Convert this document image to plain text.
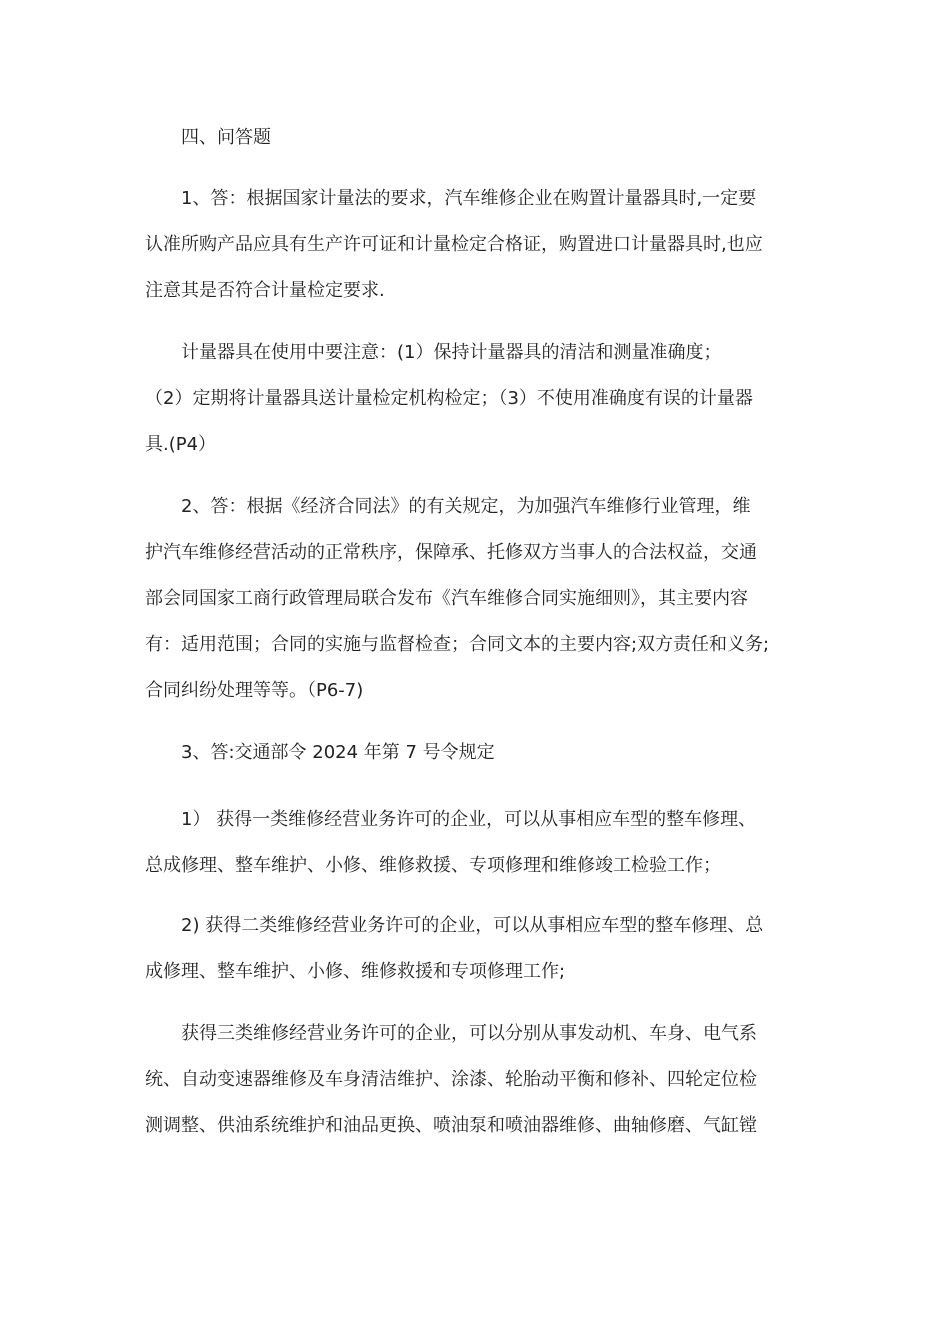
四、问答题
1、答：根据国家计量法的要求，汽车维修企业在购置计量器具时,一定要
认准所购产品应具有生产许可证和计量检定合格证，购置进口计量器具时,也应
注意其是否符合计量检定要求.
计量器具在使用中要注意：(1）保持计量器具的清洁和测量准确度；
（2）定期将计量器具送计量检定机构检定；（3）不使用准确度有误的计量器
具.(P4）
2、答：根据《经济合同法》的有关规定，为加强汽车维修行业管理，维
护汽车维修经营活动的正常秩序，保障承、托修双方当事人的合法权益，交通
部会同国家工商行政管理局联合发布《汽车维修合同实施细则》，其主要内容
有：适用范围；合同的实施与监督检查；合同文本的主要内容;双方责任和义务;
合同纠纷处理等等。（P6-7)
3、答:交通部令 2024 年第 7 号令规定
1） 获得一类维修经营业务许可的企业，可以从事相应车型的整车修理、
总成修理、整车维护、小修、维修救援、专项修理和维修竣工检验工作；
2) 获得二类维修经营业务许可的企业，可以从事相应车型的整车修理、总
成修理、整车维护、小修、维修救援和专项修理工作;
获得三类维修经营业务许可的企业，可以分别从事发动机、车身、电气系
统、自动变速器维修及车身清洁维护、涂漆、轮胎动平衡和修补、四轮定位检
测调整、供油系统维护和油品更换、喷油泵和喷油器维修、曲轴修磨、气缸镗
